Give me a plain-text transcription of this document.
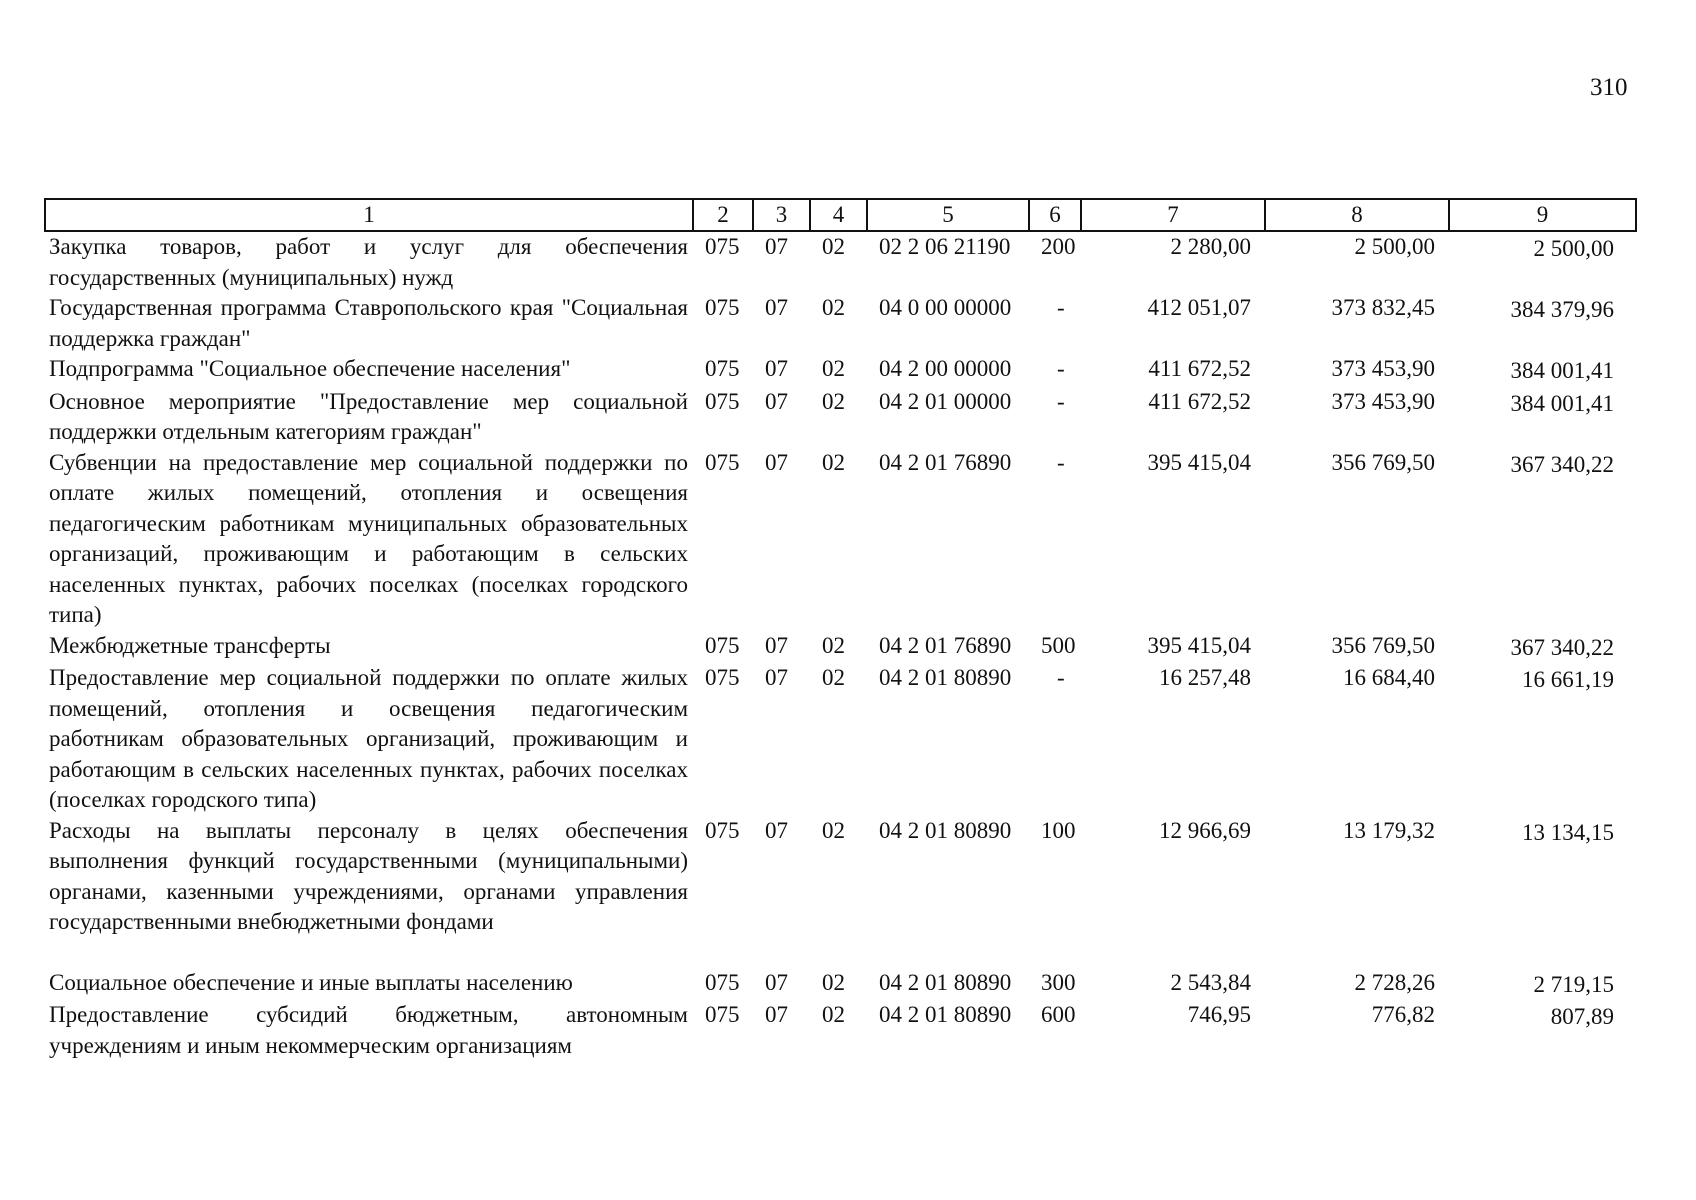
310
1	2	3	4	5	6	7	8	9
Закупка товаров, работ и услуг для обеспечения государственных (муниципальных) нужд	075	07	02	02 2 06 21190	200	2 280,00	2 500,00	2 500,00
Государственная программа Ставропольского края "Социальная поддержка граждан"	075	07	02	04 0 00 00000	-	412 051,07	373 832,45	384 379,96
Подпрограмма "Социальное обеспечение населения"	075	07	02	04 2 00 00000	-	411 672,52	373 453,90	384 001,41
Основное мероприятие "Предоставление мер социальной поддержки отдельным категориям граждан"	075	07	02	04 2 01 00000	-	411 672,52	373 453,90	384 001,41
Субвенции на предоставление мер социальной поддержки по оплате жилых помещений, отопления и освещения педагогическим работникам муниципальных образовательных организаций, проживающим и работающим в сельских населенных пунктах, рабочих поселках (поселках городского типа)	075	07	02	04 2 01 76890	-	395 415,04	356 769,50	367 340,22
Межбюджетные трансферты	075	07	02	04 2 01 76890	500	395 415,04	356 769,50	367 340,22
Предоставление мер социальной поддержки по оплате жилых помещений, отопления и освещения педагогическим работникам образовательных организаций, проживающим и работающим в сельских населенных пунктах, рабочих поселках (поселках городского типа)	075	07	02	04 2 01 80890	-	16 257,48	16 684,40	16 661,19
Расходы на выплаты персоналу в целях обеспечения выполнения функций государственными (муниципальными) органами, казенными учреждениями, органами управления государственными внебюджетными фондами	075	07	02	04 2 01 80890	100	12 966,69	13 179,32	13 134,15

Социальное обеспечение и иные выплаты населению	075	07	02	04 2 01 80890	300	2 543,84	2 728,26	2 719,15
Предоставление субсидий бюджетным, автономным учреждениям и иным некоммерческим организациям	075	07	02	04 2 01 80890	600	746,95	776,82	807,89
